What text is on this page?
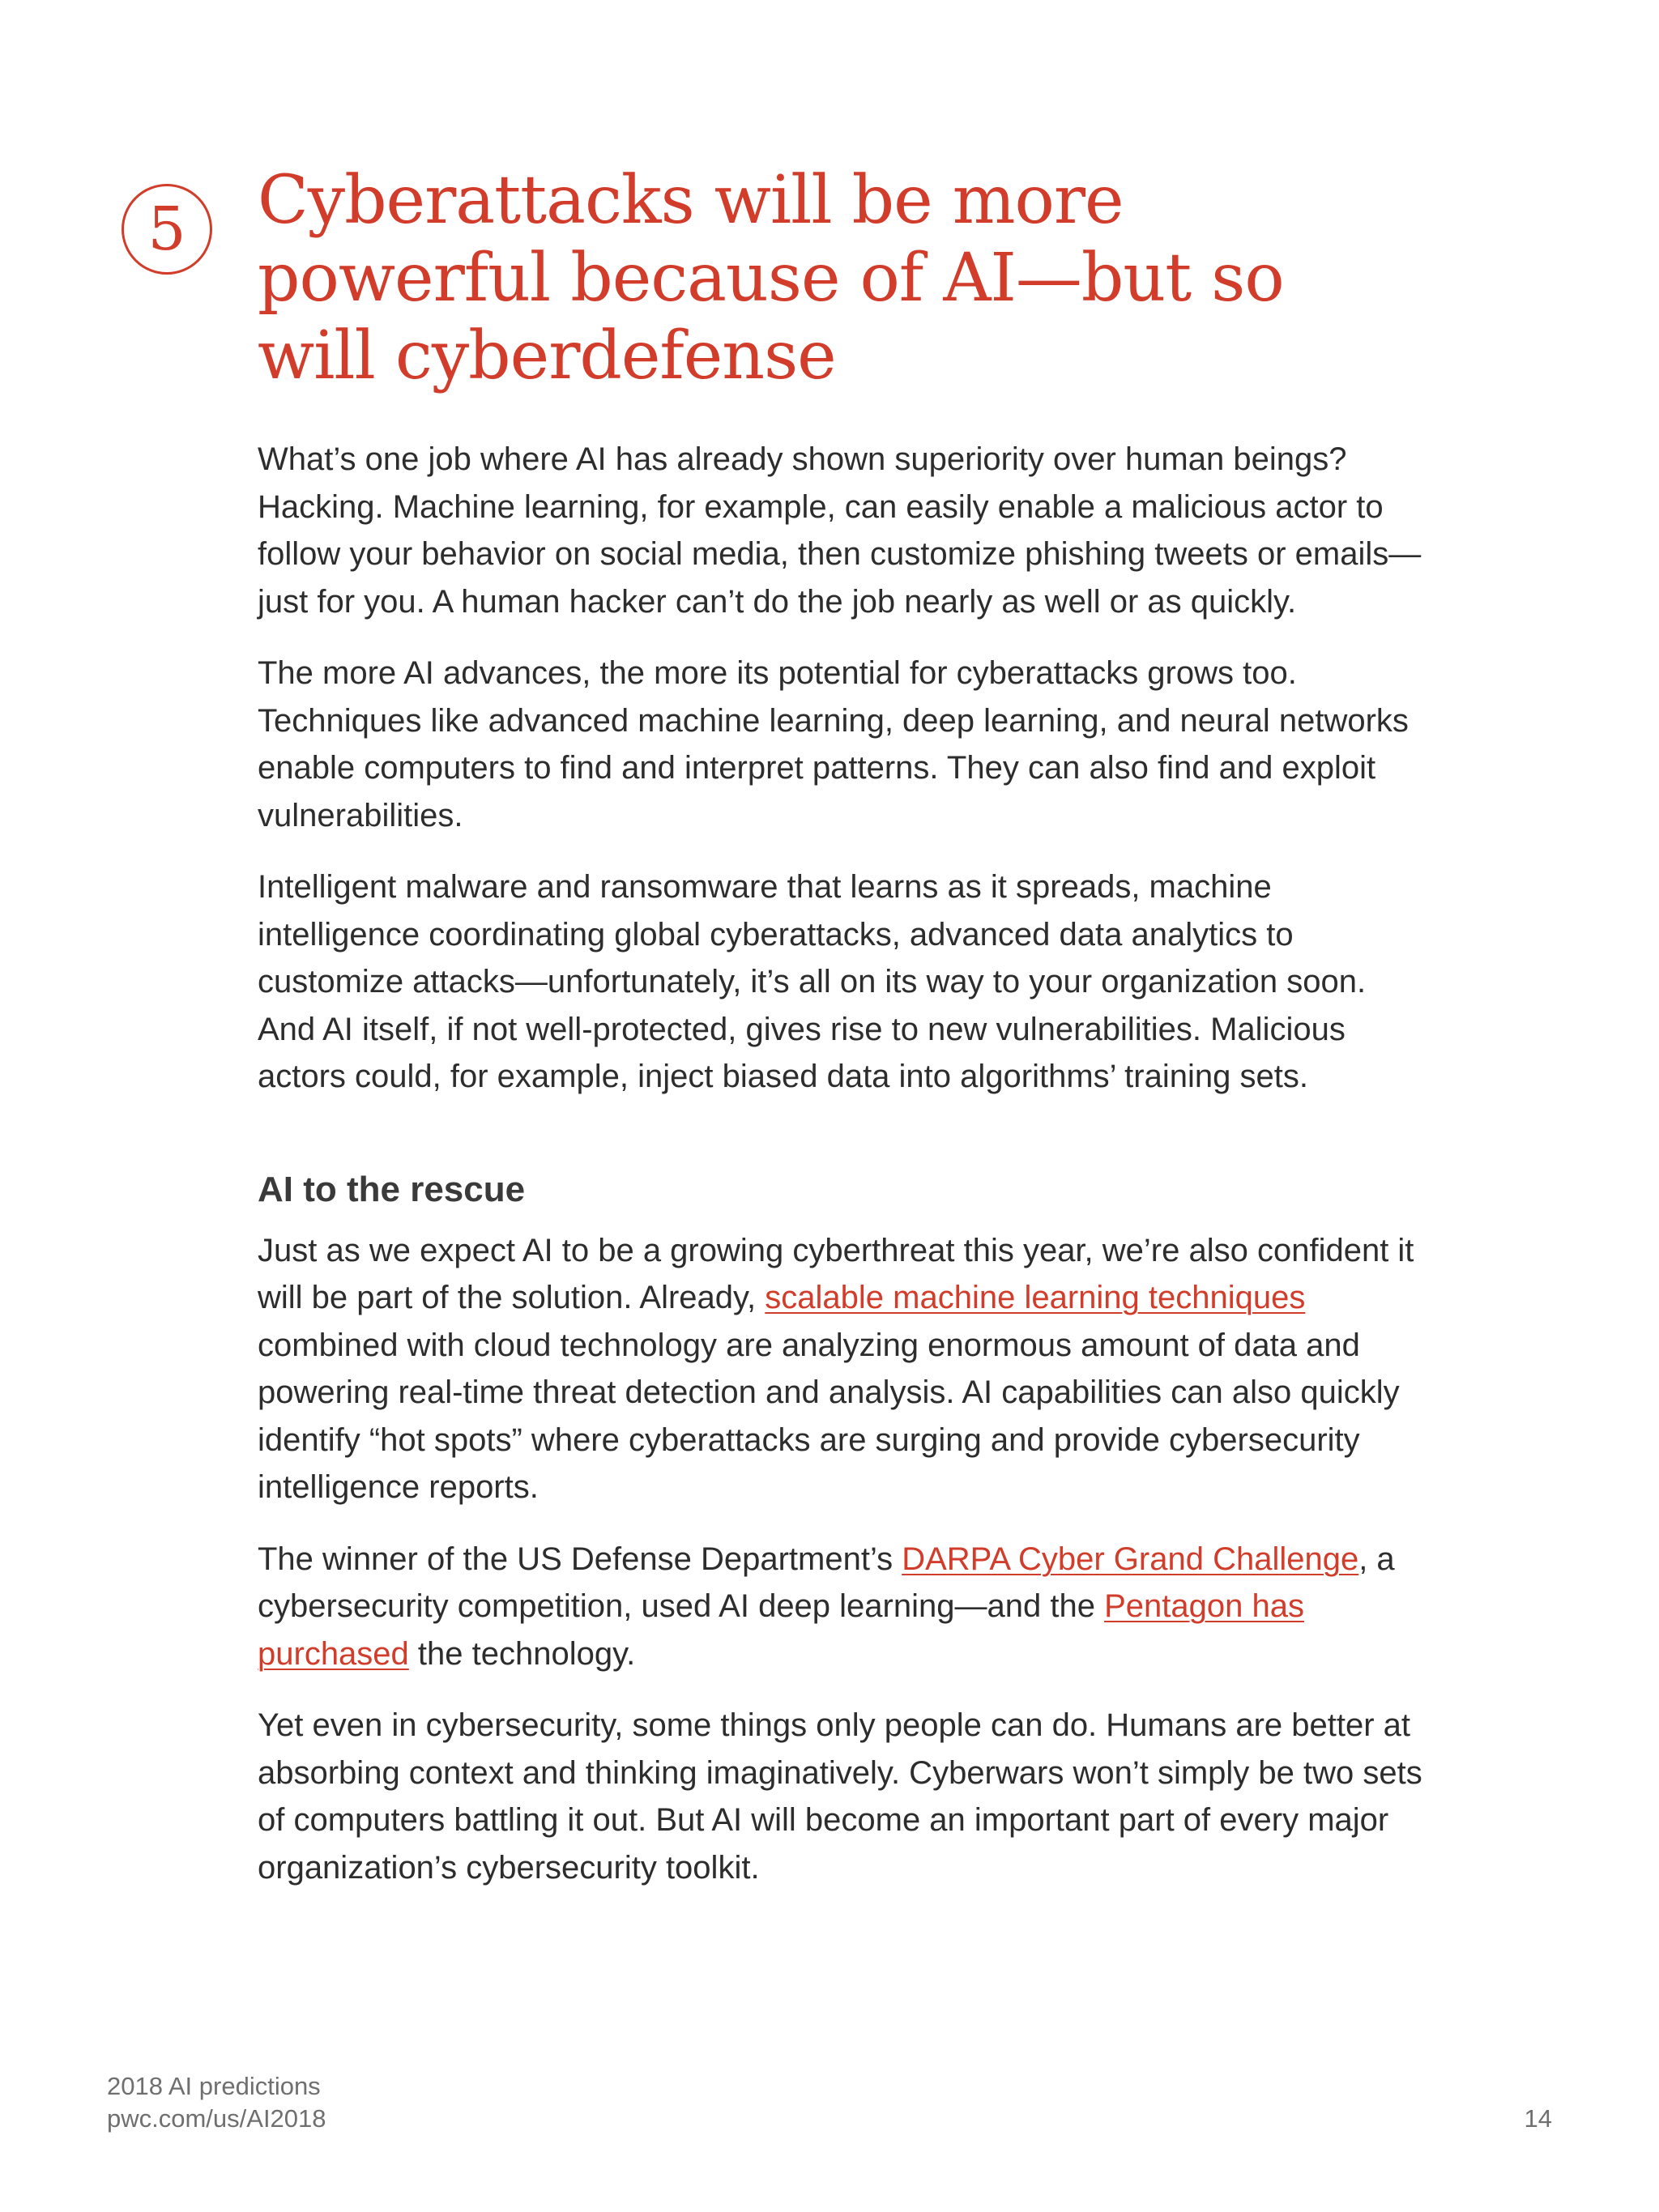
5 Cyberattacks will be more
powerful because of AI—but so
will cyberdefense

What’s one job where AI has already shown superiority over human beings? Hacking. Machine learning, for example, can easily enable a malicious actor to follow your behavior on social media, then customize phishing tweets or emails—just for you. A human hacker can’t do the job nearly as well or as quickly.

The more AI advances, the more its potential for cyberattacks grows too. Techniques like advanced machine learning, deep learning, and neural networks enable computers to find and interpret patterns. They can also find and exploit vulnerabilities.

Intelligent malware and ransomware that learns as it spreads, machine intelligence coordinating global cyberattacks, advanced data analytics to customize attacks—unfortunately, it’s all on its way to your organization soon. And AI itself, if not well-protected, gives rise to new vulnerabilities. Malicious actors could, for example, inject biased data into algorithms’ training sets.

AI to the rescue

Just as we expect AI to be a growing cyberthreat this year, we’re also confident it will be part of the solution. Already, scalable machine learning techniques combined with cloud technology are analyzing enormous amount of data and powering real-time threat detection and analysis. AI capabilities can also quickly identify “hot spots” where cyberattacks are surging and provide cybersecurity intelligence reports.

The winner of the US Defense Department’s DARPA Cyber Grand Challenge, a cybersecurity competition, used AI deep learning—and the Pentagon has purchased the technology.

Yet even in cybersecurity, some things only people can do. Humans are better at absorbing context and thinking imaginatively. Cyberwars won’t simply be two sets of computers battling it out. But AI will become an important part of every major organization’s cybersecurity toolkit.

2018 AI predictions
pwc.com/us/AI2018	14
